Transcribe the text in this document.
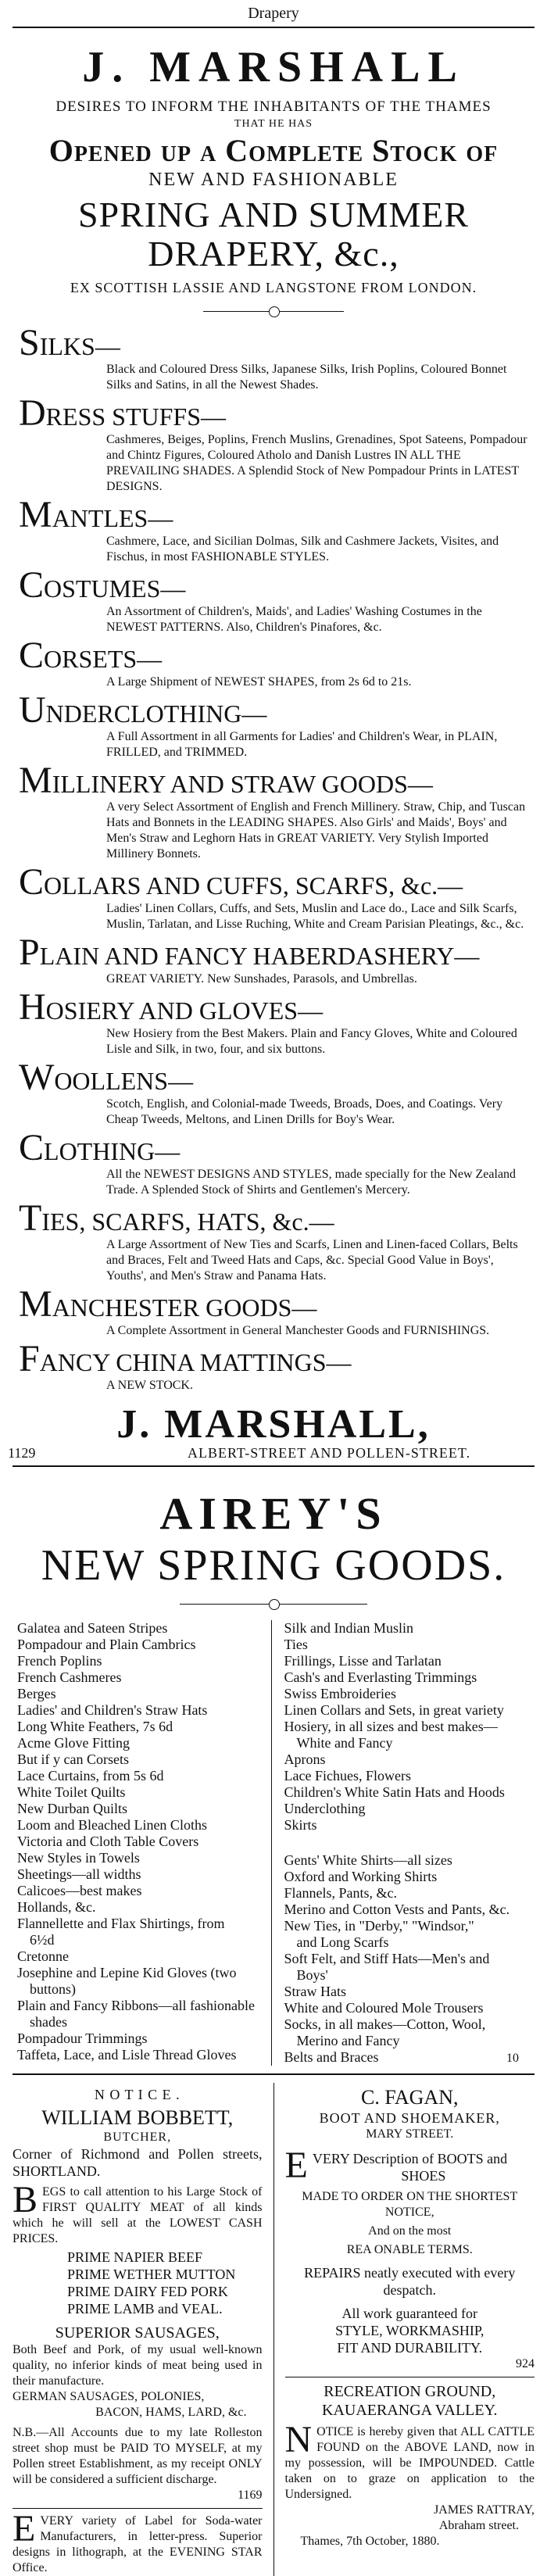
Drapery
J. MARSHALL
DESIRES TO INFORM THE INHABITANTS OF THE THAMES
THAT HE HAS
Opened up a Complete Stock of
NEW AND FASHIONABLE
SPRING AND SUMMER DRAPERY, &c.,
EX SCOTTISH LASSIE AND LANGSTONE FROM LONDON.
SILKS—
Black and Coloured Dress Silks, Japanese Silks, Irish Poplins, Coloured Bonnet Silks and Satins, in all the Newest Shades.
DRESS STUFFS—
Cashmeres, Beiges, Poplins, French Muslins, Grenadines, Spot Sateens, Pompadour and Chintz Figures, Coloured Atholo and Danish Lustres IN ALL THE PREVAILING SHADES. A Splendid Stock of New Pompadour Prints in LATEST DESIGNS.
MANTLES—
Cashmere, Lace, and Sicilian Dolmas, Silk and Cashmere Jackets, Visites, and Fischus, in most FASHIONABLE STYLES.
COSTUMES—
An Assortment of Children's, Maids', and Ladies' Washing Costumes in the NEWEST PATTERNS. Also, Children's Pinafores, &c.
CORSETS—
A Large Shipment of NEWEST SHAPES, from 2s 6d to 21s.
UNDERCLOTHING—
A Full Assortment in all Garments for Ladies' and Children's Wear, in PLAIN, FRILLED, and TRIMMED.
MILLINERY AND STRAW GOODS—
A very Select Assortment of English and French Millinery. Straw, Chip, and Tuscan Hats and Bonnets in the LEADING SHAPES. Also Girls' and Maids', Boys' and Men's Straw and Leghorn Hats in GREAT VARIETY. Very Stylish Imported Millinery Bonnets.
COLLARS AND CUFFS, SCARFS, &c.—
Ladies' Linen Collars, Cuffs, and Sets, Muslin and Lace do., Lace and Silk Scarfs, Muslin, Tarlatan, and Lisse Ruching, White and Cream Parisian Pleatings, &c., &c.
PLAIN AND FANCY HABERDASHERY—
GREAT VARIETY. New Sunshades, Parasols, and Umbrellas.
HOSIERY AND GLOVES—
New Hosiery from the Best Makers. Plain and Fancy Gloves, White and Coloured Lisle and Silk, in two, four, and six buttons.
WOOLLENS—
Scotch, English, and Colonial-made Tweeds, Broads, Does, and Coatings. Very Cheap Tweeds, Meltons, and Linen Drills for Boy's Wear.
CLOTHING—
All the NEWEST DESIGNS AND STYLES, made specially for the New Zealand Trade. A Splended Stock of Shirts and Gentlemen's Mercery.
TIES, SCARFS, HATS, &c.—
A Large Assortment of New Ties and Scarfs, Linen and Linen-faced Collars, Belts and Braces, Felt and Tweed Hats and Caps, &c. Special Good Value in Boys', Youths', and Men's Straw and Panama Hats.
MANCHESTER GOODS—
A Complete Assortment in General Manchester Goods and FURNISHINGS.
FANCY CHINA MATTINGS—
A NEW STOCK.
J. MARSHALL,
1129	ALBERT-STREET AND POLLEN-STREET.
AIREY'S
NEW SPRING GOODS.
Galatea and Sateen Stripes
Pompadour and Plain Cambrics
French Poplins
French Cashmeres
Berges
Ladies' and Children's Straw Hats
Long White Feathers, 7s 6d
Acme Glove Fitting
But if y can Corsets
Lace Curtains, from 5s 6d
White Toilet Quilts
New Durban Quilts
Loom and Bleached Linen Cloths
Victoria and Cloth Table Covers
New Styles in Towels
Sheetings—all widths
Calicoes—best makes
Hollands, &c.
Flannellette and Flax Shirtings, from
6½d
Cretonne
Josephine and Lepine Kid Gloves (two
buttons)
Plain and Fancy Ribbons—all fashionable
shades
Pompadour Trimmings
Taffeta, Lace, and Lisle Thread Gloves
Silk and Indian Muslin
Ties
Frillings, Lisse and Tarlatan
Cash's and Everlasting Trimmings
Swiss Embroideries
Linen Collars and Sets, in great variety
Hosiery, in all sizes and best makes—
White and Fancy
Aprons
Lace Fichues, Flowers
Children's White Satin Hats and Hoods
Underclothing
Skirts
Gents' White Shirts—all sizes
Oxford and Working Shirts
Flannels, Pants, &c.
Merino and Cotton Vests and Pants, &c.
New Ties, in "Derby," "Windsor,"
and Long Scarfs
Soft Felt, and Stiff Hats—Men's and
Boys'
Straw Hats
White and Coloured Mole Trousers
Socks, in all makes—Cotton, Wool,
Merino and Fancy
Belts and Braces	10
N O T I C E .
WILLIAM BOBBETT,
BUTCHER,
Corner of Richmond and Pollen streets, SHORTLAND.
BEGS to call attention to his Large Stock of FIRST QUALITY MEAT of all kinds which he will sell at the LOWEST CASH PRICES.
PRIME NAPIER BEEF
PRIME WETHER MUTTON
PRIME DAIRY FED PORK
PRIME LAMB and VEAL.
SUPERIOR SAUSAGES,
Both Beef and Pork, of my usual well-known quality, no inferior kinds of meat being used in their manufacture.
GERMAN SAUSAGES, POLONIES,
BACON, HAMS, LARD, &c.
N.B.—All Accounts due to my late Rolleston street shop must be PAID TO MYSELF, at my Pollen street Establishment, as my receipt ONLY will be considered a sufficient discharge.
1169
EVERY variety of Label for Soda-water Manufacturers, in letter-press. Superior designs in lithograph, at the EVENING STAR Office.
C. FAGAN,
BOOT AND SHOEMAKER,
MARY STREET.
EVERY Description of BOOTS and
SHOES
MADE TO ORDER ON THE SHORTEST NOTICE,
And on the most
REA ONABLE TERMS.
REPAIRS neatly executed with every despatch.
All work guaranteed for
STYLE, WORKMASHIP,
FIT AND DURABILITY.
924
RECREATION GROUND, KAUAERANGA VALLEY.
NOTICE is hereby given that ALL CATTLE FOUND on the ABOVE LAND, now in my possession, will be IMPOUNDED. Cattle taken on to graze on application to the Undersigned.
JAMES RATTRAY,
Abraham street.
Thames, 7th October, 1880.
